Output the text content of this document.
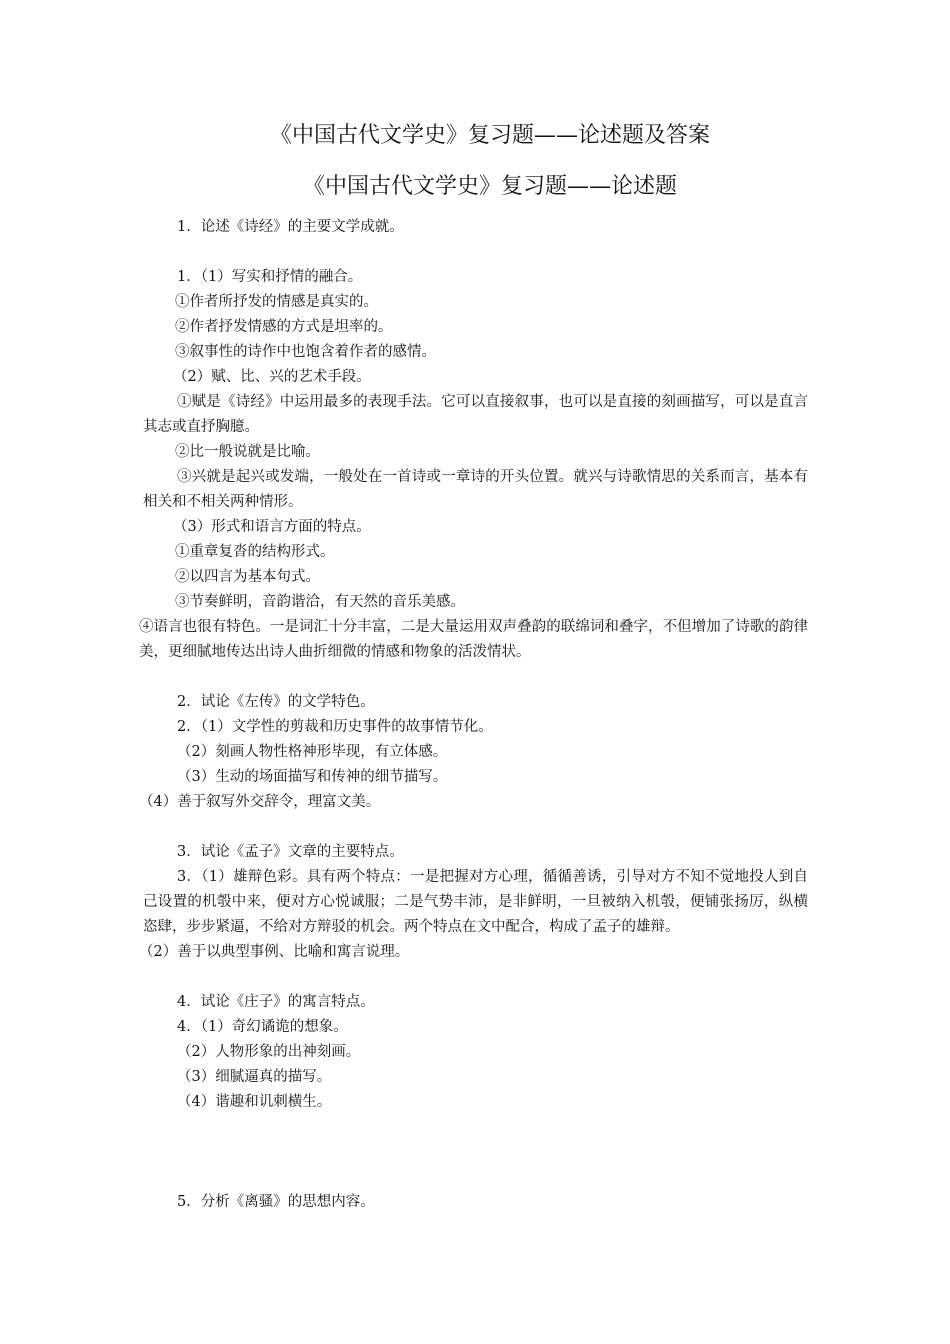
《中国古代文学史》复习题——论述题及答案
《中国古代文学史》复习题——论述题

1．论述《诗经》的主要文学成就。

1．（1）写实和抒情的融合。

①作者所抒发的情感是真实的。

②作者抒发情感的方式是坦率的。

③叙事性的诗作中也饱含着作者的感情。

（2）赋、比、兴的艺术手段。

①赋是《诗经》中运用最多的表现手法。它可以直接叙事，也可以是直接的刻画描写，可以是直言其志或直抒胸臆。

②比一般说就是比喻。

③兴就是起兴或发端，一般处在一首诗或一章诗的开头位置。就兴与诗歌情思的关系而言，基本有相关和不相关两种情形。

（3）形式和语言方面的特点。

①重章复沓的结构形式。

②以四言为基本句式。

③节奏鲜明，音韵谐洽，有天然的音乐美感。

④语言也很有特色。一是词汇十分丰富，二是大量运用双声叠韵的联绵词和叠字，不但增加了诗歌的韵律美，更细腻地传达出诗人曲折细微的情感和物象的活泼情状。

2．试论《左传》的文学特色。

2．（1）文学性的剪裁和历史事件的故事情节化。

（2）刻画人物性格神形毕现，有立体感。

（3）生动的场面描写和传神的细节描写。

（4）善于叙写外交辞令，理富文美。

3．试论《孟子》文章的主要特点。

3．（1）雄辩色彩。具有两个特点：一是把握对方心理，循循善诱，引导对方不知不觉地投人到自己设置的机彀中来，便对方心悦诚服；二是气势丰沛，是非鲜明，一旦被纳入机彀，便铺张扬厉，纵横恣肆，步步紧逼，不给对方辩驳的机会。两个特点在文中配合，构成了孟子的雄辩。

（2）善于以典型事例、比喻和寓言说理。

4．试论《庄子》的寓言特点。

4．（1）奇幻谲诡的想象。

（2）人物形象的出神刻画。

（3）细腻逼真的描写。

（4）谐趣和讥刺横生。

5．分析《离骚》的思想内容。
